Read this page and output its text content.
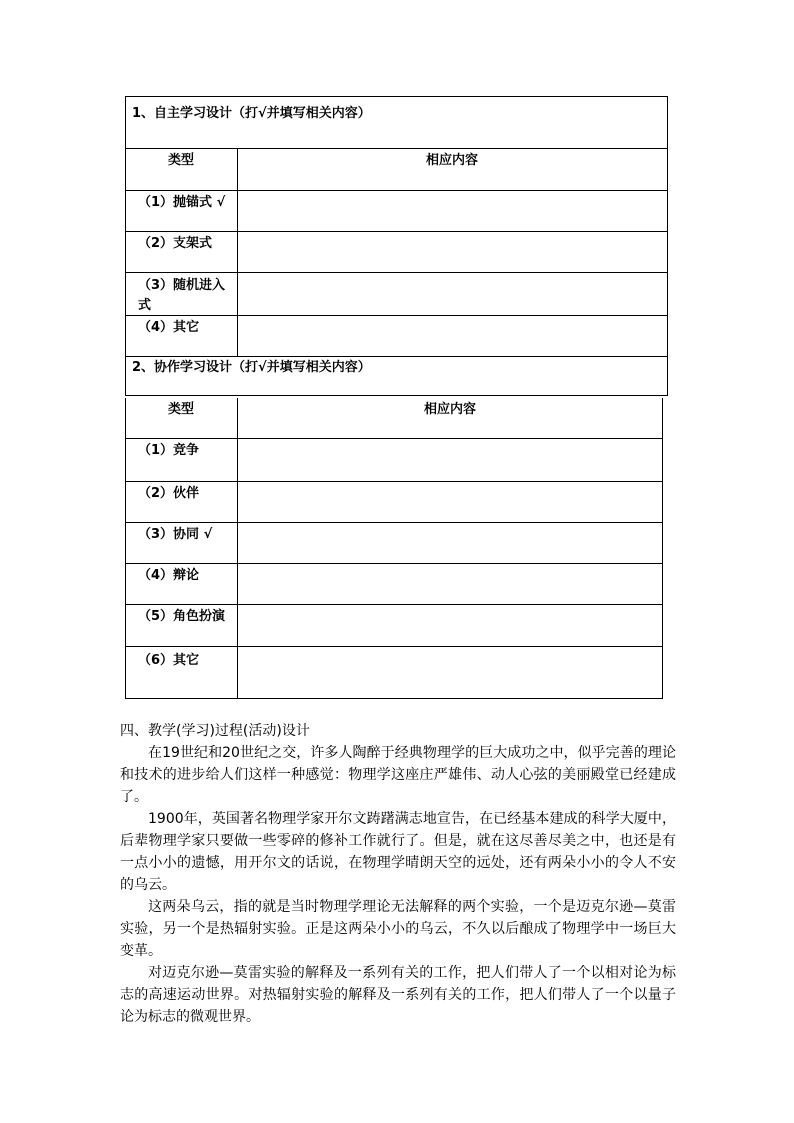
1、自主学习设计（打√并填写相关内容）
类型	相应内容
（1）抛锚式 √
（2）支架式
（3）随机进入式
（4）其它
2、协作学习设计（打√并填写相关内容）
类型	相应内容
（1）竞争
（2）伙伴
（3）协同 √
（4）辩论
（5）角色扮演
（6）其它
四、教学(学习)过程(活动)设计

在19世纪和20世纪之交，许多人陶醉于经典物理学的巨大成功之中，似乎完善的理论和技术的进步给人们这样一种感觉：物理学这座庄严雄伟、动人心弦的美丽殿堂已经建成了。

1900年，英国著名物理学家开尔文踌躇满志地宣告，在已经基本建成的科学大厦中，后辈物理学家只要做一些零碎的修补工作就行了。但是，就在这尽善尽美之中，也还是有一点小小的遗憾，用开尔文的话说，在物理学晴朗天空的远处，还有两朵小小的令人不安的乌云。

这两朵乌云，指的就是当时物理学理论无法解释的两个实验，一个是迈克尔逊—莫雷实验，另一个是热辐射实验。正是这两朵小小的乌云，不久以后酿成了物理学中一场巨大变革。

对迈克尔逊—莫雷实验的解释及一系列有关的工作，把人们带人了一个以相对论为标志的高速运动世界。对热辐射实验的解释及一系列有关的工作，把人们带人了一个以量子论为标志的微观世界。
